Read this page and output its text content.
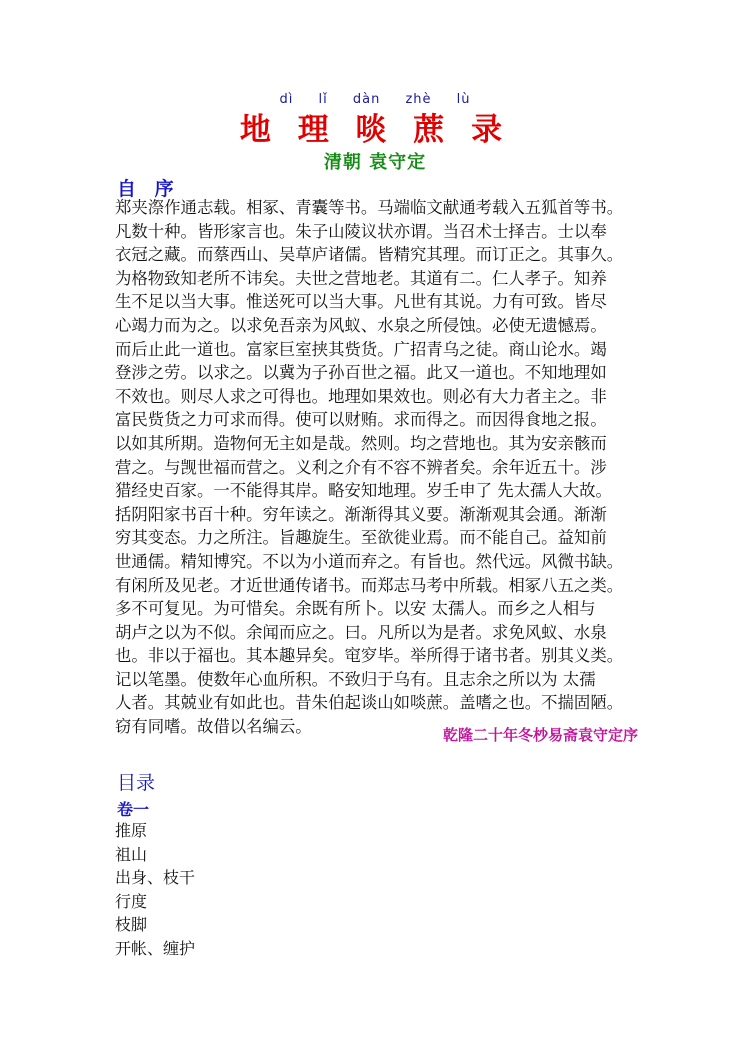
dì lǐ dàn zhè lù
地 理 啖 蔗 录
清朝 袁守定
自 序
郑夹漈作通志载。相冢、青囊等书。马端临文献通考载入五狐首等书。
凡数十种。皆形家言也。朱子山陵议状亦谓。当召术士择吉。士以奉
衣冠之藏。而蔡西山、吴草庐诸儒。皆精究其理。而订正之。其事久。
为格物致知老所不讳矣。夫世之营地老。其道有二。仁人孝子。知养
生不足以当大事。惟送死可以当大事。凡世有其说。力有可致。皆尽
心竭力而为之。以求免吾亲为风蚁、水泉之所侵蚀。必使无遗憾焉。
而后止此一道也。富家巨室挟其赀货。广招青乌之徒。商山论水。竭
登涉之劳。以求之。以冀为子孙百世之福。此又一道也。不知地理如
不效也。则尽人求之可得也。地理如果效也。则必有大力者主之。非
富民赀货之力可求而得。使可以财贿。求而得之。而因得食地之报。
以如其所期。造物何无主如是哉。然则。均之营地也。其为安亲骸而
营之。与觊世福而营之。义利之介有不容不辨者矣。余年近五十。涉
猎经史百家。一不能得其岸。略安知地理。岁壬申了 先太孺人大故。
括阴阳家书百十种。穷年读之。渐渐得其义要。渐渐观其会通。渐渐
穷其变态。力之所注。旨趣旋生。至欲徙业焉。而不能自己。益知前
世通儒。精知博究。不以为小道而弃之。有旨也。然代远。风微书缺。
有闲所及见老。才近世通传诸书。而郑志马考中所载。相冢八五之类。
多不可复见。为可惜矣。余既有所卜。以安 太孺人。而乡之人相与
胡卢之以为不似。余闻而应之。曰。凡所以为是者。求免风蚁、水泉
也。非以于福也。其本趣异矣。窀穸毕。举所得于诸书者。别其义类。
记以笔墨。使数年心血所积。不致归于乌有。且志余之所以为 太孺
人者。其兢业有如此也。昔朱伯起谈山如啖蔗。盖嗜之也。不揣固陋。
窃有同嗜。故借以名编云。	乾隆二十年冬杪易斋袁守定序
目录
卷一
推原
祖山
出身、枝干
行度
枝脚
开帐、缠护
